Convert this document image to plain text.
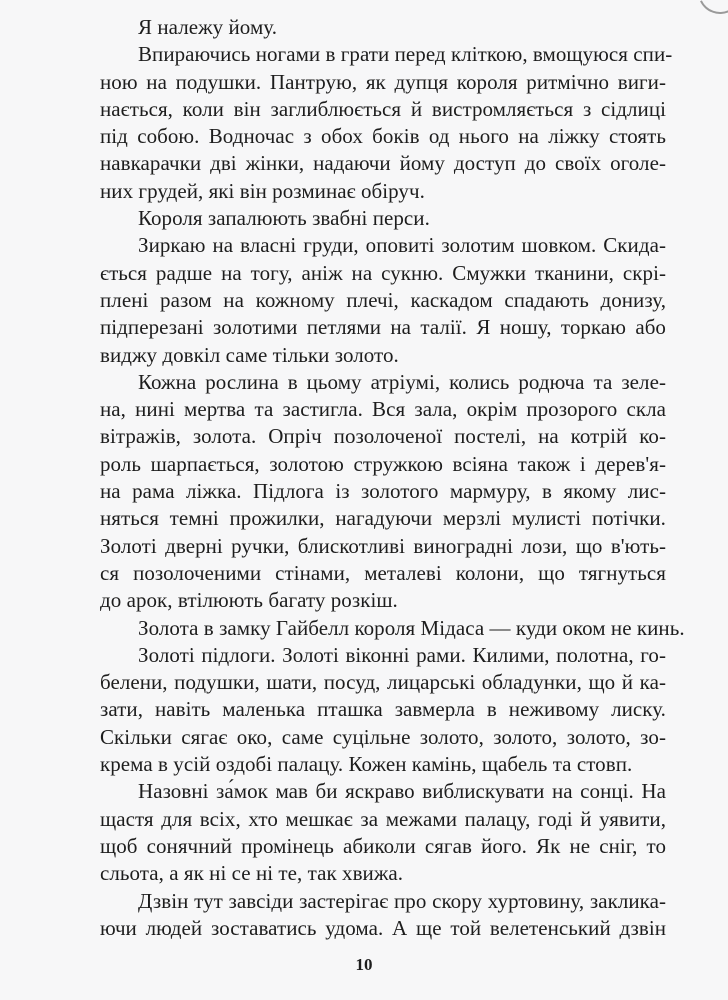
Я належу йому.

Впираючись ногами в грати перед кліткою, вмощуюся спи-
ною на подушки. Пантрую, як дупця короля ритмічно виги-
нається, коли він заглиблюється й вистромляється з сідлиці
під собою. Водночас з обох боків од нього на ліжку стоять
навкарачки дві жінки, надаючи йому доступ до своїх оголе-
них грудей, які він розминає обіруч.

Короля запалюють звабні перси.

Зиркаю на власні груди, оповиті золотим шовком. Скида-
ється радше на тогу, аніж на сукню. Смужки тканини, скрі-
плені разом на кожному плечі, каскадом спадають донизу,
підперезані золотими петлями на талії. Я ношу, торкаю або
виджу довкіл саме тільки золото.

Кожна рослина в цьому атріумі, колись родюча та зеле-
на, нині мертва та застигла. Вся зала, окрім прозорого скла
вітражів, золота. Опріч позолоченої постелі, на котрій ко-
роль шарпається, золотою стружкою всіяна також і дерев'я-
на рама ліжка. Підлога із золотого мармуру, в якому лис-
няться темні прожилки, нагадуючи мерзлі мулисті потічки.
Золоті дверні ручки, блискотливі виноградні лози, що в'ють-
ся позолоченими стінами, металеві колони, що тягнуться
до арок, втілюють багату розкіш.

Золота в замку Гайбелл короля Мідаса — куди оком не кинь.

Золоті підлоги. Золоті віконні рами. Килими, полотна, го-
белени, подушки, шати, посуд, лицарські обладунки, що й ка-
зати, навіть маленька пташка завмерла в неживому лиску.
Скільки сягає око, саме суцільне золото, золото, золото, зо-
крема в усій оздобі палацу. Кожен камінь, щабель та стовп.

Назовні за́мок мав би яскраво виблискувати на сонці. На
щастя для всіх, хто мешкає за межами палацу, годі й уявити,
щоб сонячний промінець абиколи сягав його. Як не сніг, то
сльота, а як ні се ні те, так хвижа.

Дзвін тут завсіди застерігає про скору хуртовину, заклика-
ючи людей зоставатись удома. А ще той велетенський дзвін

10
